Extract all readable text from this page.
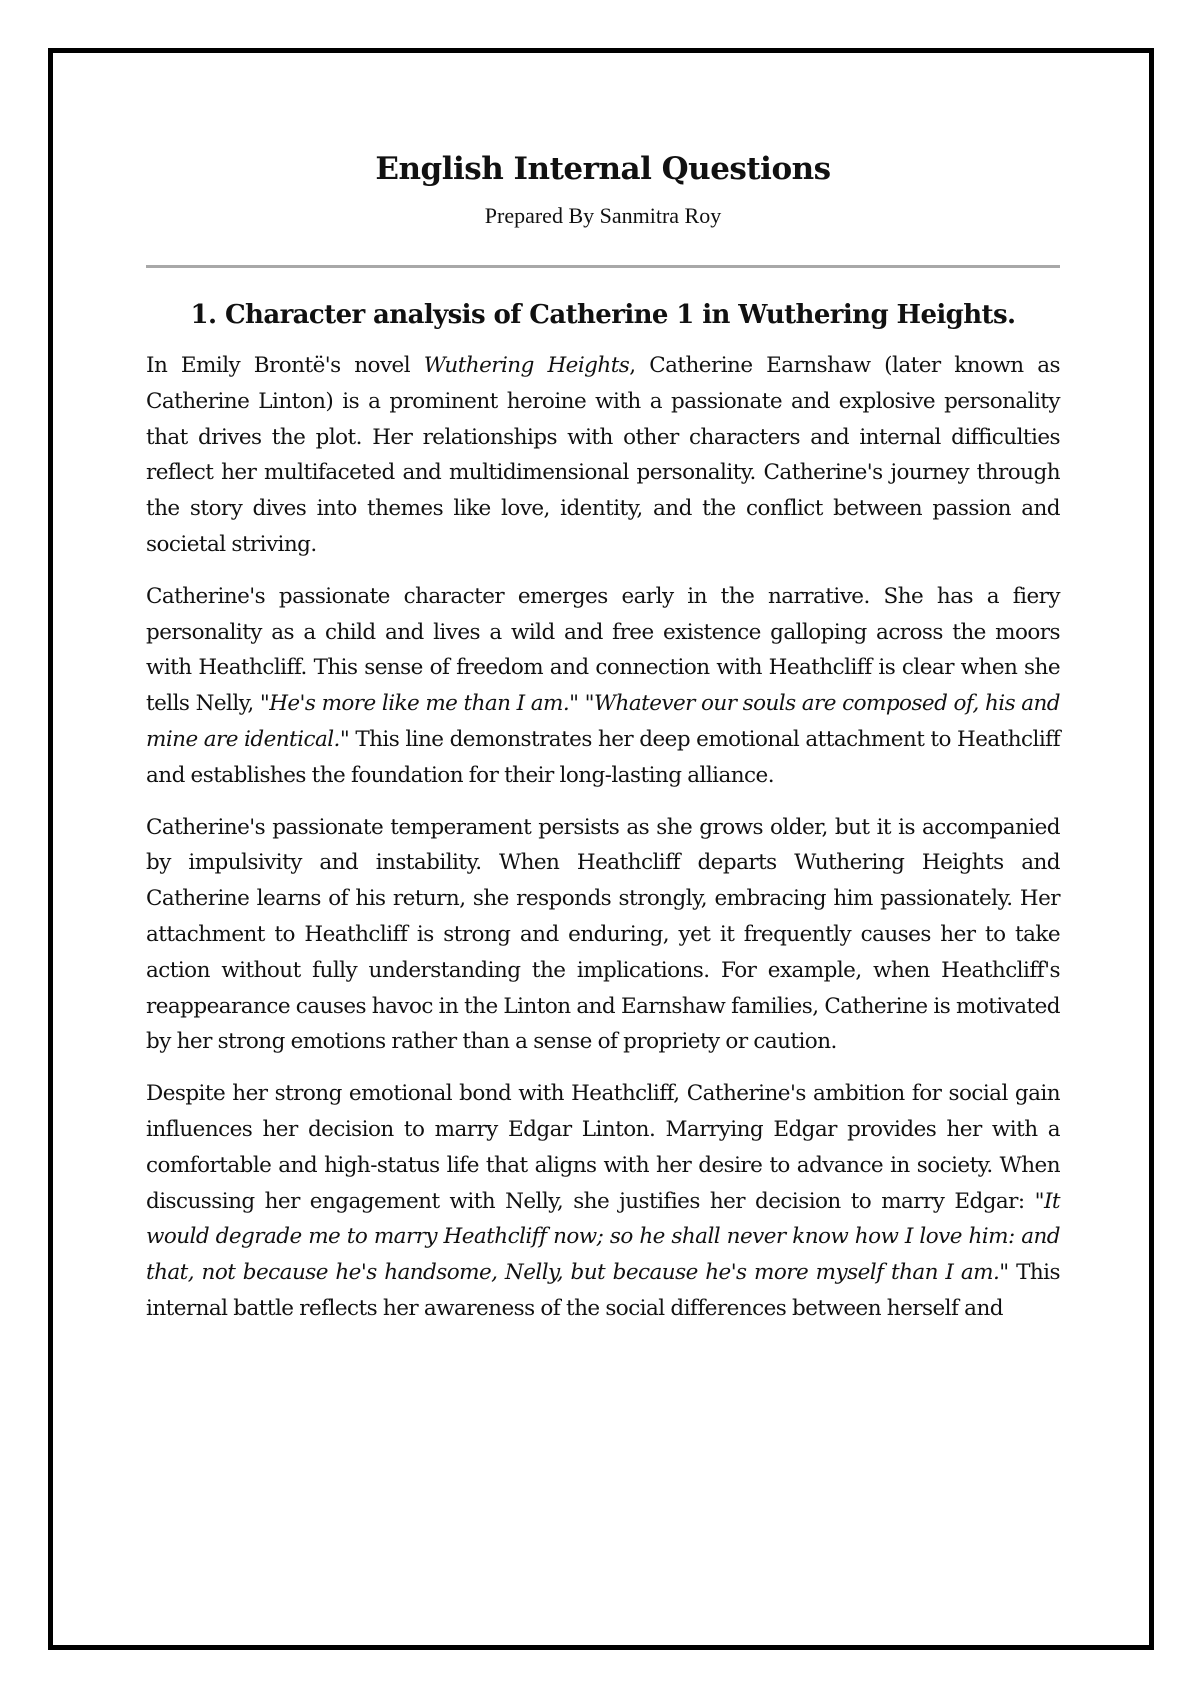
English Internal Questions
Prepared By Sanmitra Roy
1. Character analysis of Catherine 1 in Wuthering Heights.

In Emily Brontë's novel Wuthering Heights, Catherine Earnshaw (later known as Catherine Linton) is a prominent heroine with a passionate and explosive personality that drives the plot. Her relationships with other characters and internal difficulties reflect her multifaceted and multidimensional personality. Catherine's journey through the story dives into themes like love, identity, and the conflict between passion and societal striving.

Catherine's passionate character emerges early in the narrative. She has a fiery personality as a child and lives a wild and free existence galloping across the moors with Heathcliff. This sense of freedom and connection with Heathcliff is clear when she tells Nelly, "He's more like me than I am." "Whatever our souls are composed of, his and mine are identical." This line demonstrates her deep emotional attachment to Heathcliff and establishes the foundation for their long-lasting alliance.

Catherine's passionate temperament persists as she grows older, but it is accompanied by impulsivity and instability. When Heathcliff departs Wuthering Heights and Catherine learns of his return, she responds strongly, embracing him passionately. Her attachment to Heathcliff is strong and enduring, yet it frequently causes her to take action without fully understanding the implications. For example, when Heathcliff's reappearance causes havoc in the Linton and Earnshaw families, Catherine is motivated by her strong emotions rather than a sense of propriety or caution.

Despite her strong emotional bond with Heathcliff, Catherine's ambition for social gain influences her decision to marry Edgar Linton. Marrying Edgar provides her with a comfortable and high-status life that aligns with her desire to advance in society. When discussing her engagement with Nelly, she justifies her decision to marry Edgar: "It would degrade me to marry Heathcliff now; so he shall never know how I love him: and that, not because he's handsome, Nelly, but because he's more myself than I am." This internal battle reflects her awareness of the social differences between herself and
